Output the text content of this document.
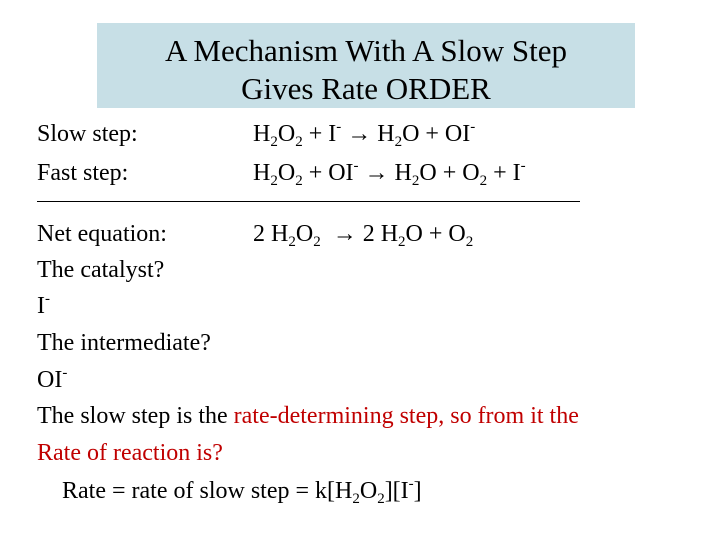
A Mechanism With A Slow Step
Gives Rate ORDER
Slow step:	$H_2O_2 + I^- \to H_2O + OI^-$
Fast step:	$H_2O_2 + OI^- \to H_2O + O_2 + I^-$
Net equation:	2 $H_2O_2 \to 2$ $H_2O + O_2$
The catalyst?
I-
The intermediate?
OI-
The slow step is the rate-determining step, so from it the
Rate of reaction is?
Rate = rate of slow step = $k[H_2O_2][I^-]$
